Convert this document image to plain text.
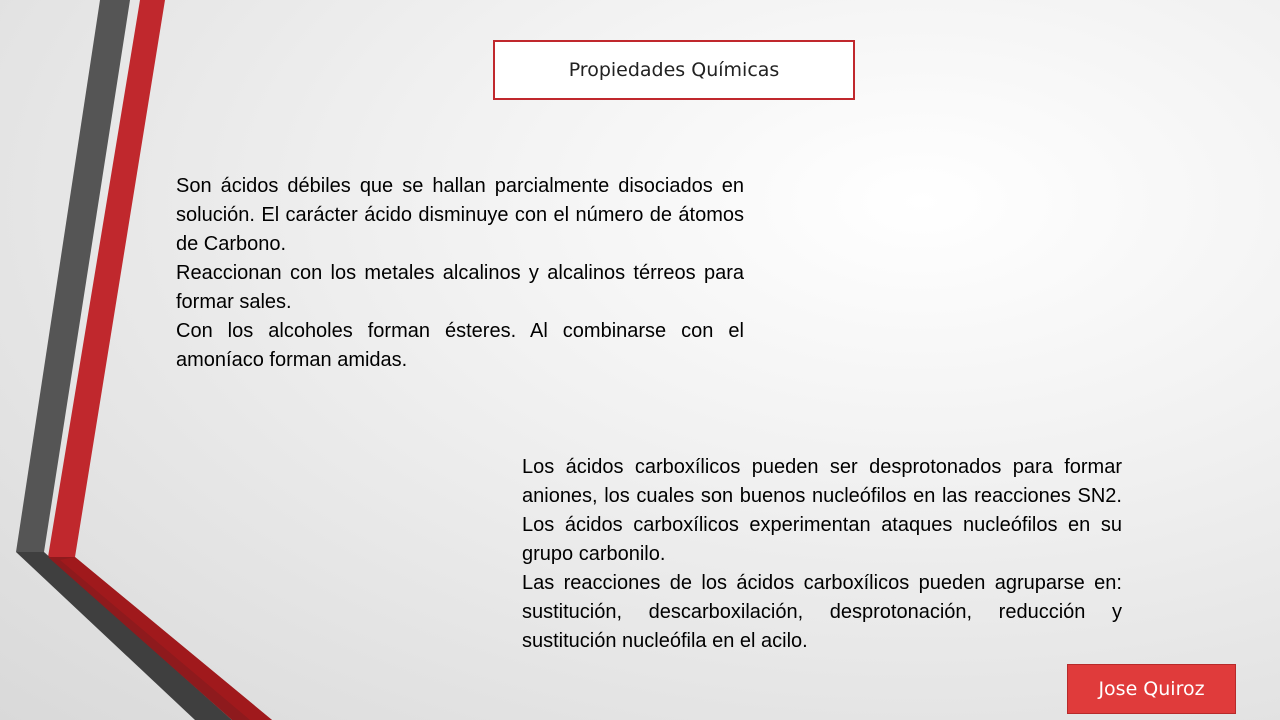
Propiedades Químicas
Son ácidos débiles que se hallan parcialmente disociados en solución. El carácter ácido disminuye con el número de átomos de Carbono.
Reaccionan con los metales alcalinos y alcalinos térreos para formar sales.
Con los alcoholes forman ésteres. Al combinarse con el amoníaco forman amidas.
Los ácidos carboxílicos pueden ser desprotonados para formar aniones, los cuales son buenos nucleófilos en las reacciones SN2. Los ácidos carboxílicos experimentan ataques nucleófilos en su grupo carbonilo.
Las reacciones de los ácidos carboxílicos pueden agruparse en: sustitución, descarboxilación, desprotonación, reducción y sustitución nucleófila en el acilo.
Jose Quiroz
